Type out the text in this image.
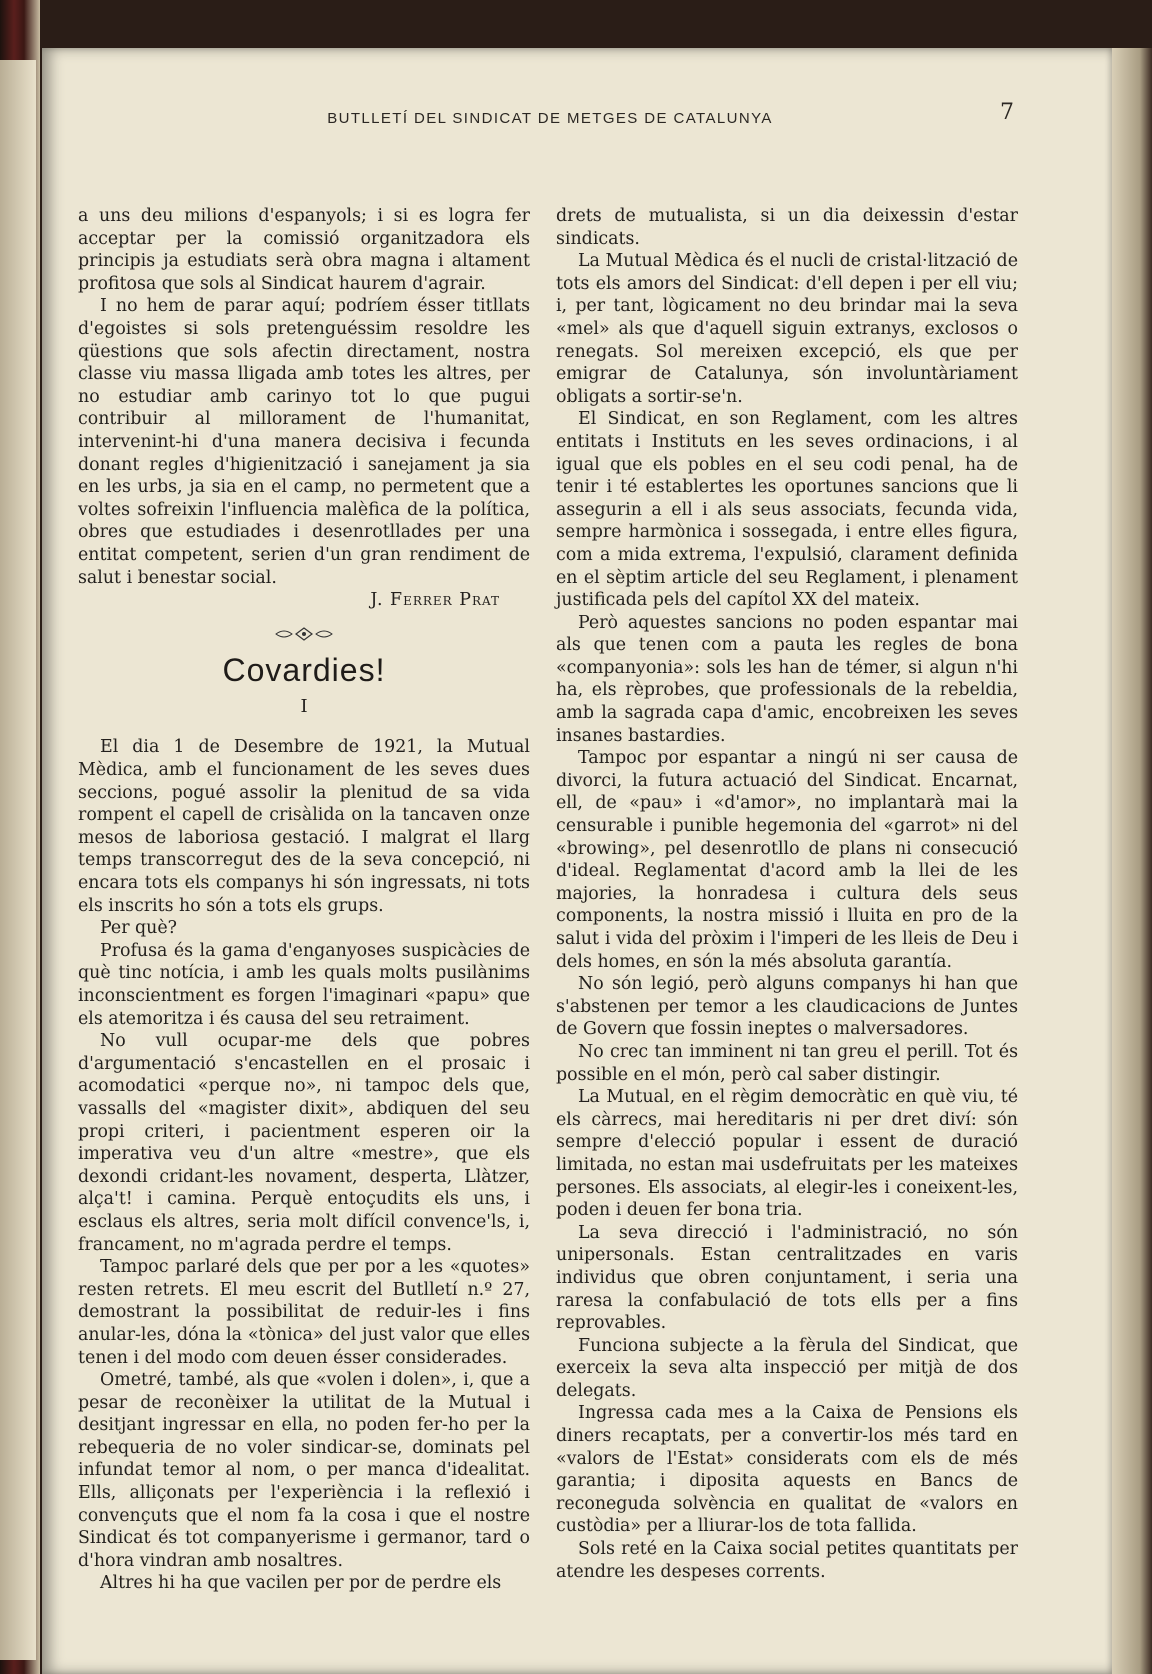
BUTLLETÍ DEL SINDICAT DE METGES DE CATALUNYA	7

a uns deu milions d'espanyols; i si es logra fer acceptar per la comissió organitzadora els principis ja estudiats serà obra magna i altament profitosa que sols al Sindicat haurem d'agrair.

I no hem de parar aquí; podríem ésser titllats d'egoistes si sols pretenguéssim resoldre les qüestions que sols afectin directament, nostra classe viu massa lligada amb totes les altres, per no estudiar amb carinyo tot lo que pugui contribuir al millorament de l'humanitat, intervenint-hi d'una manera decisiva i fecunda donant regles d'higienització i sanejament ja sia en les urbs, ja sia en el camp, no permetent que a voltes sofreixin l'influencia malèfica de la política, obres que estudiades i desenrotllades per una entitat competent, serien d'un gran rendiment de salut i benestar social.

J. Ferrer Prat

Covardies!
I

El dia 1 de Desembre de 1921, la Mutual Mèdica, amb el funcionament de les seves dues seccions, pogué assolir la plenitud de sa vida rompent el capell de crisàlida on la tancaven onze mesos de laboriosa gestació. I malgrat el llarg temps transcorregut des de la seva concepció, ni encara tots els companys hi són ingressats, ni tots els inscrits ho són a tots els grups.

Per què?

Profusa és la gama d'enganyoses suspicàcies de què tinc notícia, i amb les quals molts pusilànims inconscientment es forgen l'imaginari «papu» que els atemoritza i és causa del seu retraiment.

No vull ocupar-me dels que pobres d'argumentació s'encastellen en el prosaic i acomodatici «perque no», ni tampoc dels que, vassalls del «magister dixit», abdiquen del seu propi criteri, i pacientment esperen oir la imperativa veu d'un altre «mestre», que els dexondi cridant-les novament, desperta, Llàtzer, alça't! i camina. Perquè entoçudits els uns, i esclaus els altres, seria molt difícil convence'ls, i, francament, no m'agrada perdre el temps.

Tampoc parlaré dels que per por a les «quotes» resten retrets. El meu escrit del Butlletí n.º 27, demostrant la possibilitat de reduir-les i fins anular-les, dóna la «tònica» del just valor que elles tenen i del modo com deuen ésser considerades.

Ometré, també, als que «volen i dolen», i, que a pesar de reconèixer la utilitat de la Mutual i desitjant ingressar en ella, no poden fer-ho per la rebequeria de no voler sindicar-se, dominats pel infundat temor al nom, o per manca d'idealitat. Ells, alliçonats per l'experiència i la reflexió i convençuts que el nom fa la cosa i que el nostre Sindicat és tot companyerisme i germanor, tard o d'hora vindran amb nosaltres.

Altres hi ha que vacilen per por de perdre els

drets de mutualista, si un dia deixessin d'estar sindicats.

La Mutual Mèdica és el nucli de cristal·lització de tots els amors del Sindicat: d'ell depen i per ell viu; i, per tant, lògicament no deu brindar mai la seva «mel» als que d'aquell siguin extranys, exclosos o renegats. Sol mereixen excepció, els que per emigrar de Catalunya, són involuntàriament obligats a sortir-se'n.

El Sindicat, en son Reglament, com les altres entitats i Instituts en les seves ordinacions, i al igual que els pobles en el seu codi penal, ha de tenir i té establertes les oportunes sancions que li assegurin a ell i als seus associats, fecunda vida, sempre harmònica i sossegada, i entre elles figura, com a mida extrema, l'expulsió, clarament definida en el sèptim article del seu Reglament, i plenament justificada pels del capítol XX del mateix.

Però aquestes sancions no poden espantar mai als que tenen com a pauta les regles de bona «companyonia»: sols les han de témer, si algun n'hi ha, els rèprobes, que professionals de la rebeldia, amb la sagrada capa d'amic, encobreixen les seves insanes bastardies.

Tampoc por espantar a ningú ni ser causa de divorci, la futura actuació del Sindicat. Encarnat, ell, de «pau» i «d'amor», no implantarà mai la censurable i punible hegemonia del «garrot» ni del «browing», pel desenrotllo de plans ni consecució d'ideal. Reglamentat d'acord amb la llei de les majories, la honradesa i cultura dels seus components, la nostra missió i lluita en pro de la salut i vida del pròxim i l'imperi de les lleis de Deu i dels homes, en són la més absoluta garantía.

No són legió, però alguns companys hi han que s'abstenen per temor a les claudicacions de Juntes de Govern que fossin ineptes o malversadores.

No crec tan imminent ni tan greu el perill. Tot és possible en el món, però cal saber distingir.

La Mutual, en el règim democràtic en què viu, té els càrrecs, mai hereditaris ni per dret diví: són sempre d'elecció popular i essent de duració limitada, no estan mai usdefruitats per les mateixes persones. Els associats, al elegir-les i coneixent-les, poden i deuen fer bona tria.

La seva direcció i l'administració, no són unipersonals. Estan centralitzades en varis individus que obren conjuntament, i seria una raresa la confabulació de tots ells per a fins reprovables.

Funciona subjecte a la fèrula del Sindicat, que exerceix la seva alta inspecció per mitjà de dos delegats.

Ingressa cada mes a la Caixa de Pensions els diners recaptats, per a convertir-los més tard en «valors de l'Estat» considerats com els de més garantia; i diposita aquests en Bancs de reconeguda solvència en qualitat de «valors en custòdia» per a lliurar-los de tota fallida.

Sols reté en la Caixa social petites quantitats per atendre les despeses corrents.
